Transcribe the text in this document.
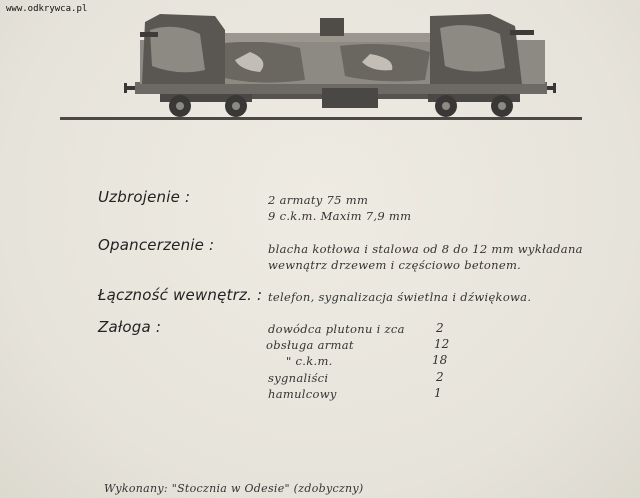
www.odkrywca.pl
Uzbrojenie :	2 armaty 75 mm
9 c.k.m. Maxim 7,9 mm
Opancerzenie :	blacha kotłowa i stalowa od 8 do 12 mm wykładana
wewnątrz drzewem i częściowo betonem.
Łączność wewnętrz. : telefon, sygnalizacja świetlna i dźwiękowa.
Załoga :	dowódca plutonu i zca	2
obsługa armat	12
" c.k.m.	18
sygnaliści	2
hamulcowy	1
Wykonany: "Stocznia w Odesie" (zdobyczny)
